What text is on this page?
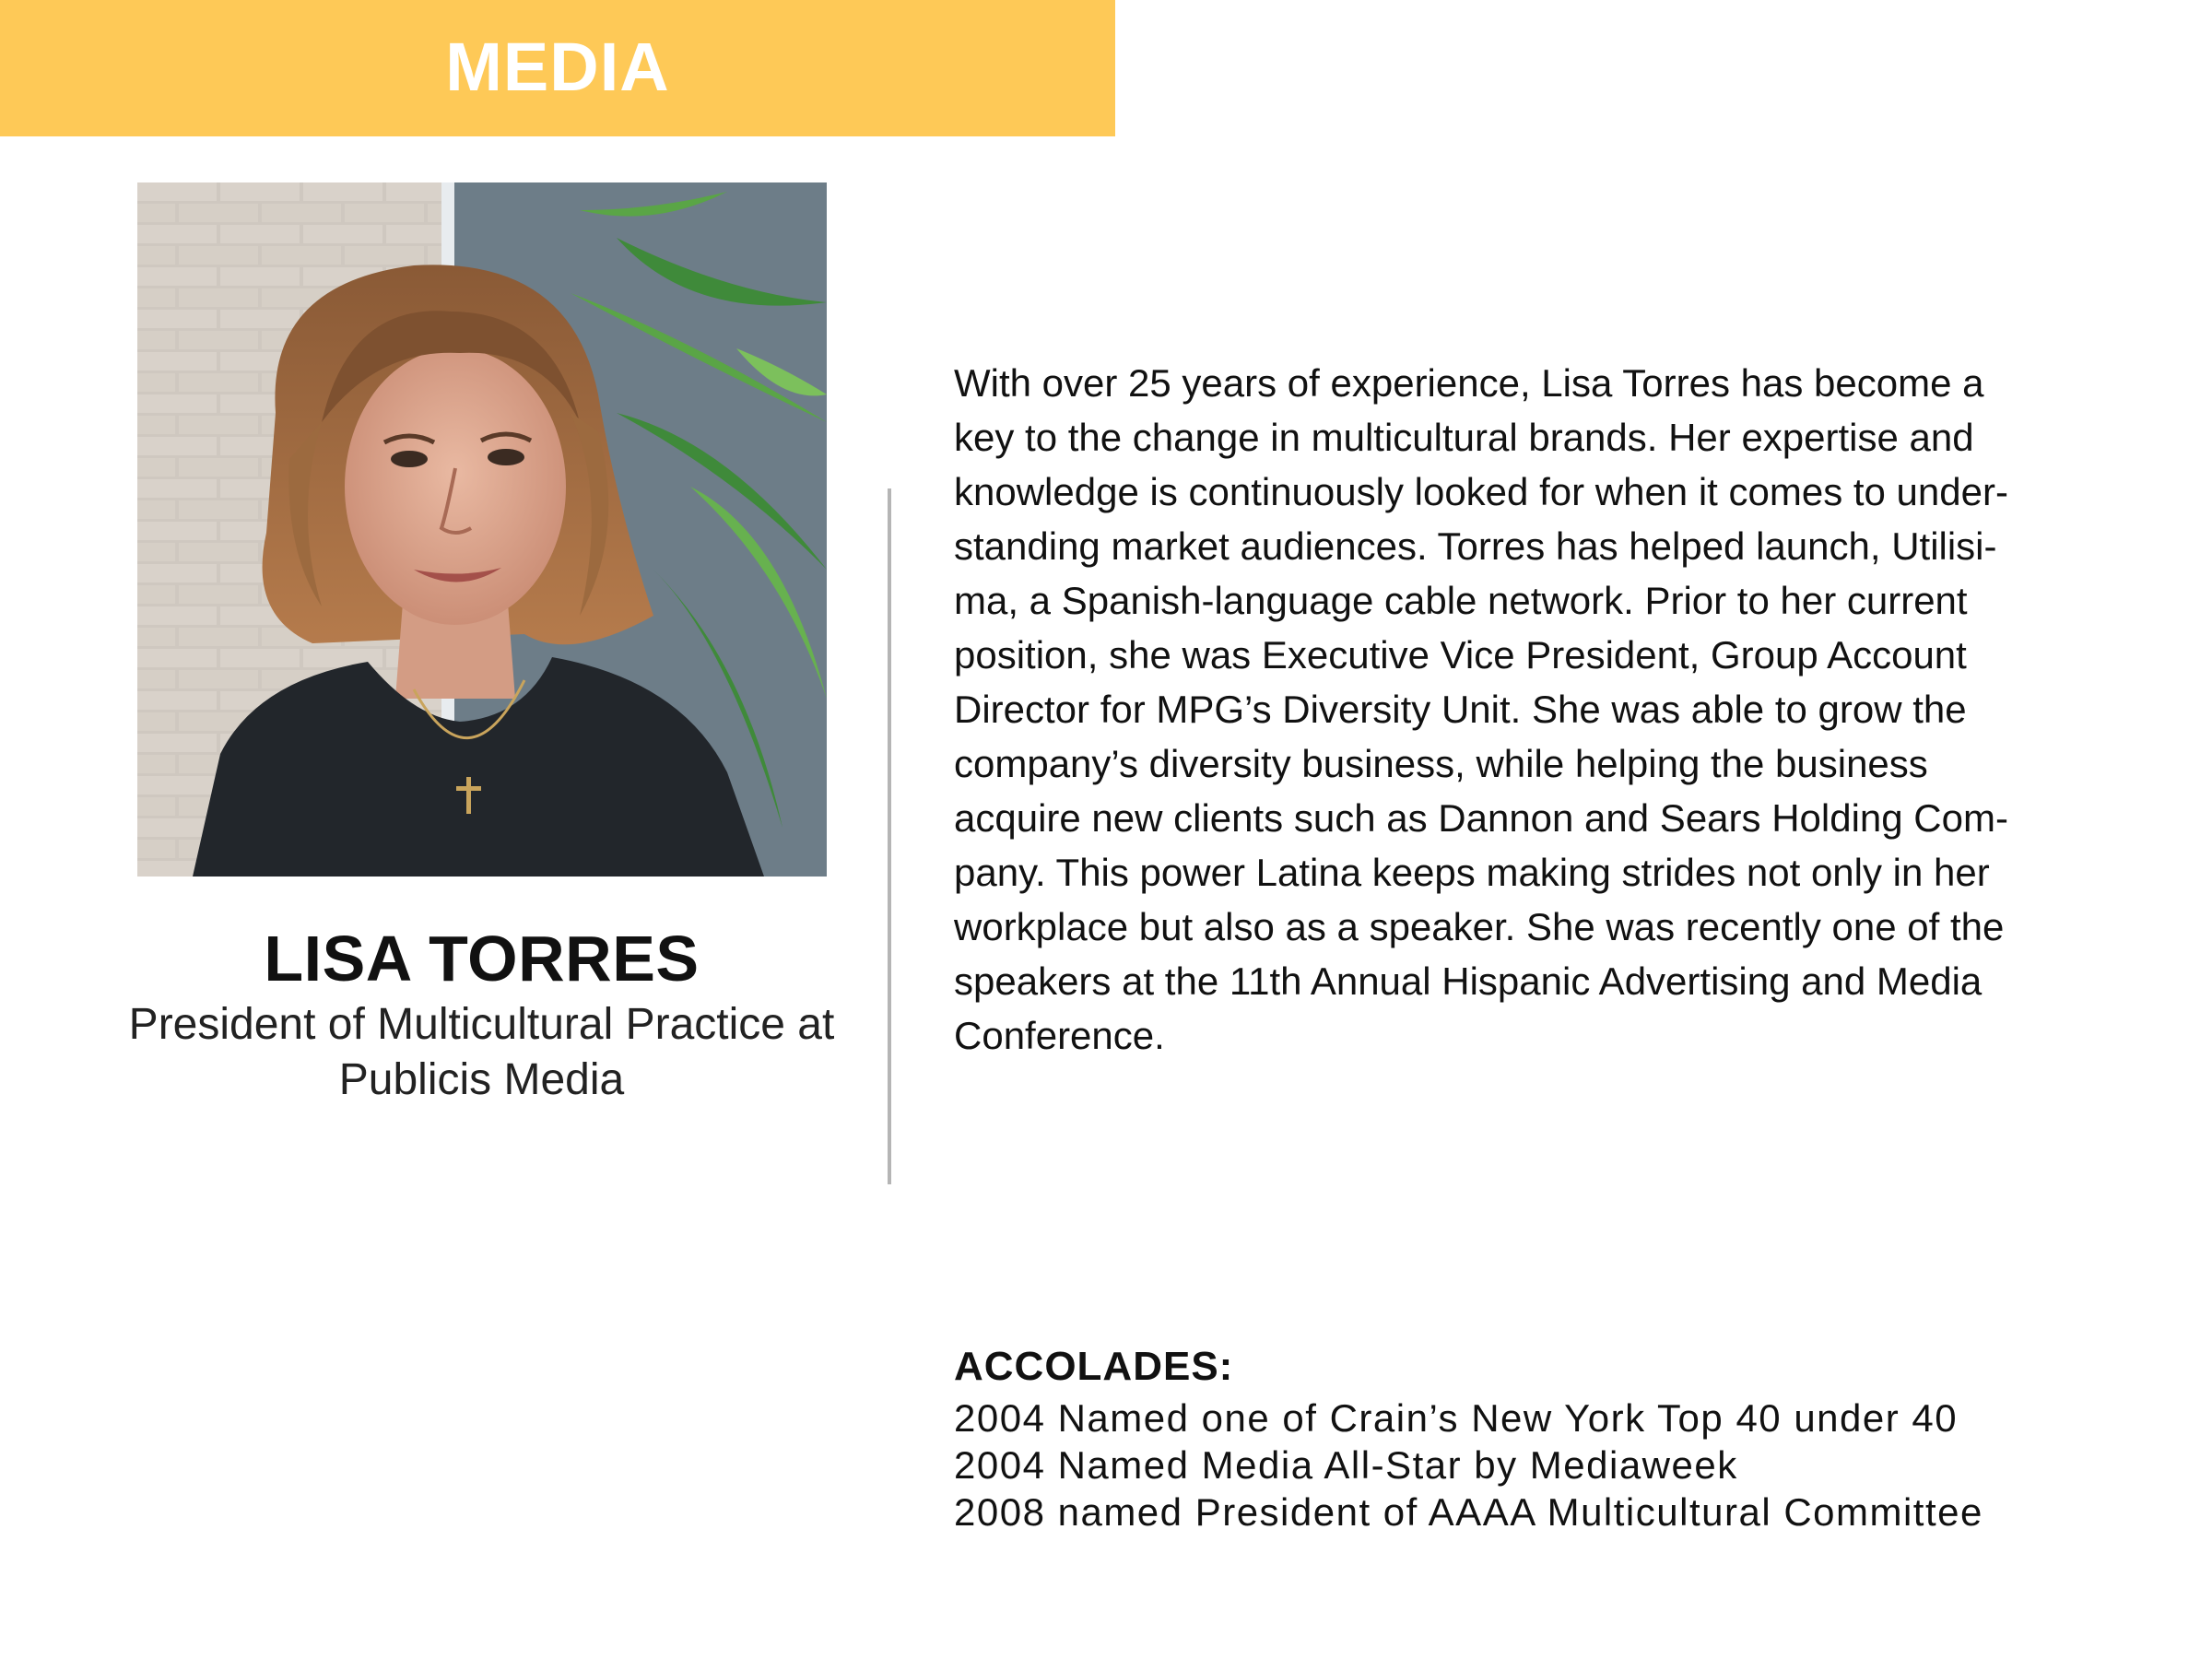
MEDIA
LISA TORRES
President of Multicultural Practice at
Publicis Media

With over 25 years of experience, Lisa Torres has become a
key to the change in multicultural brands. Her expertise and
knowledge is continuously looked for when it comes to under-
standing market audiences. Torres has helped launch, Utilisi-
ma, a Spanish-language cable network. Prior to her current
position, she was Executive Vice President, Group Account
Director for MPG’s Diversity Unit. She was able to grow the
company’s diversity business, while helping the business
acquire new clients such as Dannon and Sears Holding Com-
pany. This power Latina keeps making strides not only in her
workplace but also as a speaker. She was recently one of the
speakers at the 11th Annual Hispanic Advertising and Media
Conference.

ACCOLADES:
2004 Named one of Crain’s New York Top 40 under 40
2004 Named Media All-Star by Mediaweek
2008 named President of AAAA Multicultural Committee
